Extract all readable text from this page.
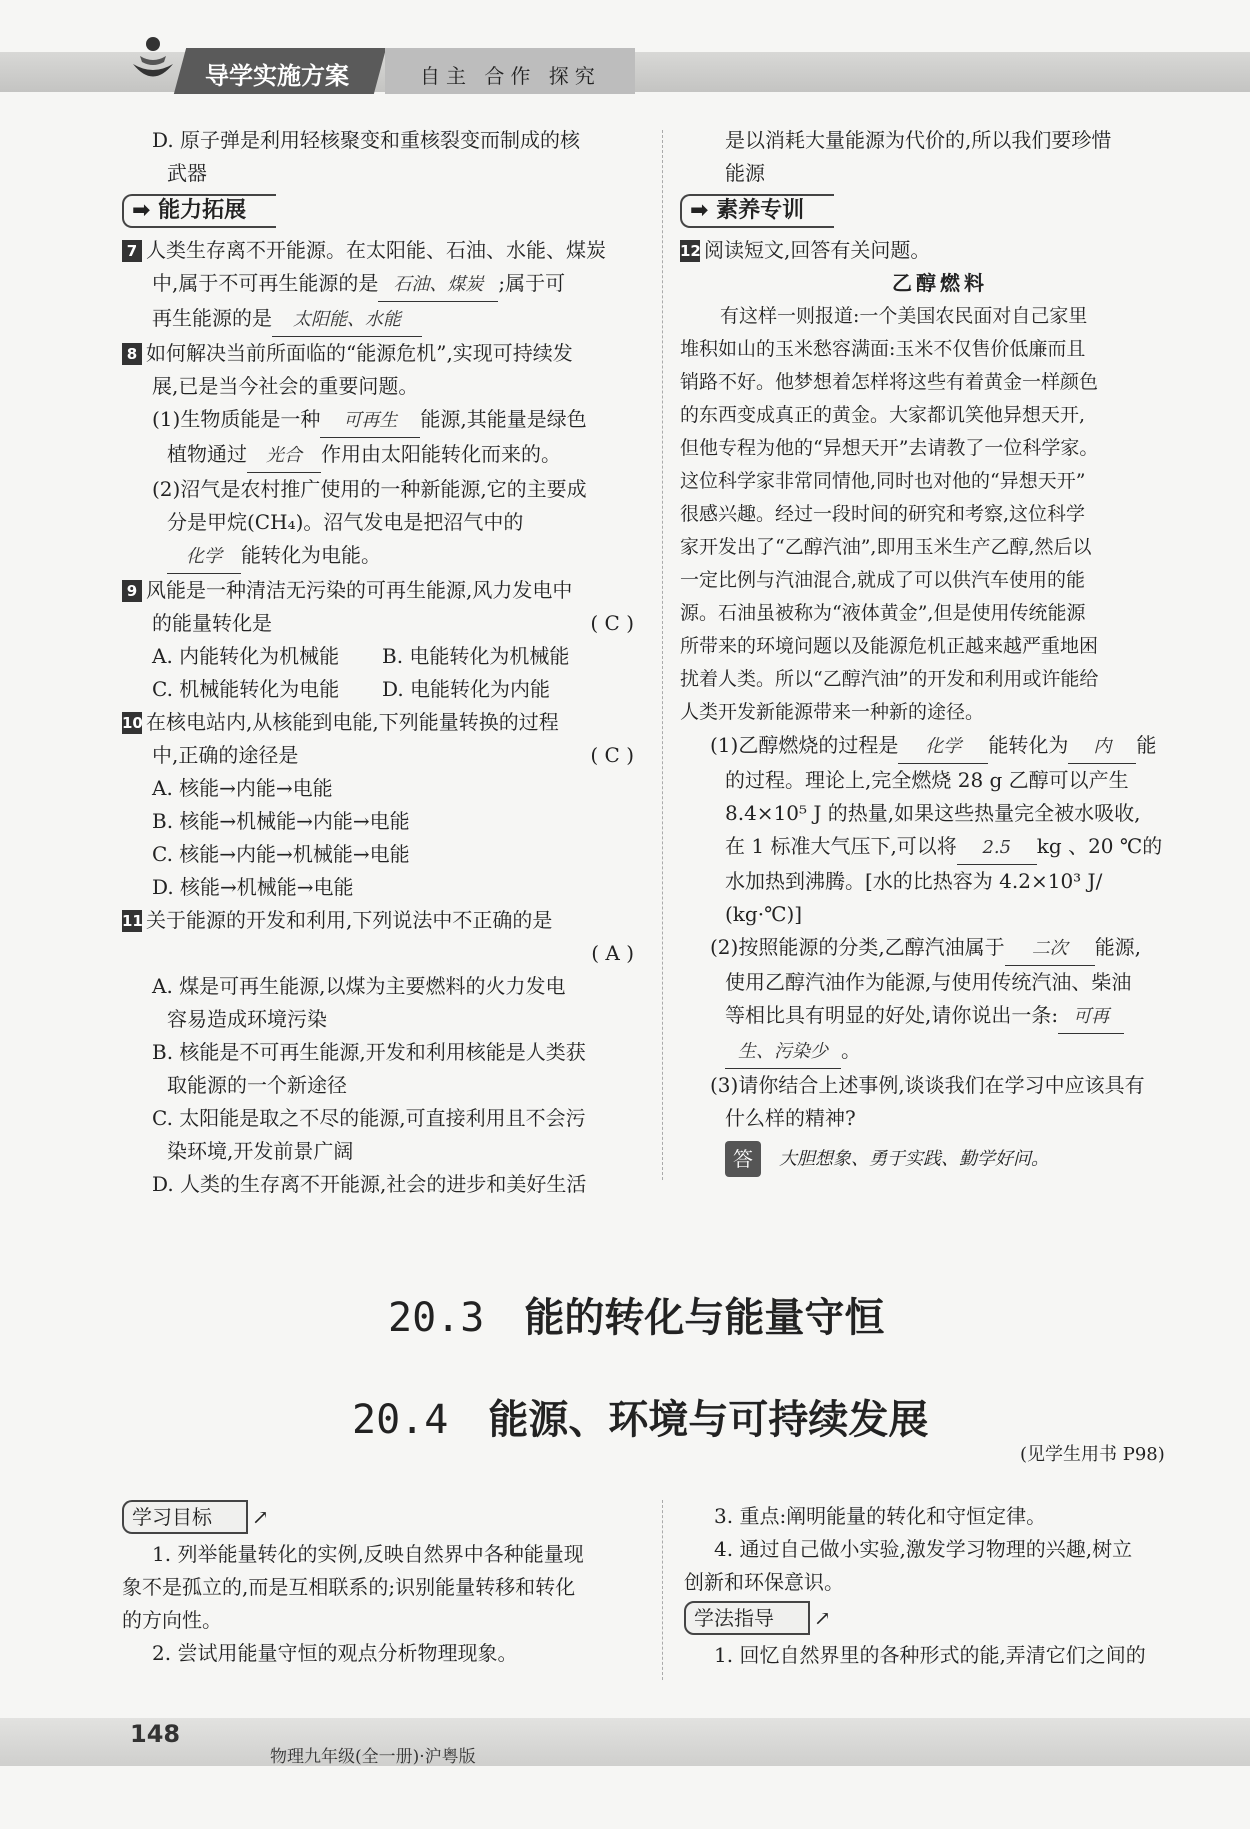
导学实施方案	自主 合作 探究
D. 原子弹是利用轻核聚变和重核裂变而制成的核
武器
➡ 能力拓展
7 人类生存离不开能源。在太阳能、石油、水能、煤炭
中,属于不可再生能源的是 石油、煤炭 ;属于可
再生能源的是 太阳能、水能
8 如何解决当前所面临的“能源危机”,实现可持续发
展,已是当今社会的重要问题。
(1)生物质能是一种 可再生 能源,其能量是绿色
植物通过 光合 作用由太阳能转化而来的。
(2)沼气是农村推广使用的一种新能源,它的主要成
分是甲烷(CH₄)。沼气发电是把沼气中的
化学 能转化为电能。
9 风能是一种清洁无污染的可再生能源,风力发电中
的能量转化是	( C )
A. 内能转化为机械能 B. 电能转化为机械能
C. 机械能转化为电能 D. 电能转化为内能
10 在核电站内,从核能到电能,下列能量转换的过程
中,正确的途径是	( C )
A. 核能→内能→电能
B. 核能→机械能→内能→电能
C. 核能→内能→机械能→电能
D. 核能→机械能→电能
11 关于能源的开发和利用,下列说法中不正确的是

( A )
A. 煤是可再生能源,以煤为主要燃料的火力发电
容易造成环境污染
B. 核能是不可再生能源,开发和利用核能是人类获
取能源的一个新途径
C. 太阳能是取之不尽的能源,可直接利用且不会污
染环境,开发前景广阔
D. 人类的生存离不开能源,社会的进步和美好生活
是以消耗大量能源为代价的,所以我们要珍惜
能源
➡ 素养专训
12 阅读短文,回答有关问题。
乙醇燃料
有这样一则报道:一个美国农民面对自己家里
堆积如山的玉米愁容满面:玉米不仅售价低廉而且
销路不好。他梦想着怎样将这些有着黄金一样颜色
的东西变成真正的黄金。大家都讥笑他异想天开,
但他专程为他的“异想天开”去请教了一位科学家。
这位科学家非常同情他,同时也对他的“异想天开”
很感兴趣。经过一段时间的研究和考察,这位科学
家开发出了“乙醇汽油”,即用玉米生产乙醇,然后以
一定比例与汽油混合,就成了可以供汽车使用的能
源。石油虽被称为“液体黄金”,但是使用传统能源
所带来的环境问题以及能源危机正越来越严重地困
扰着人类。所以“乙醇汽油”的开发和利用或许能给
人类开发新能源带来一种新的途径。
(1)乙醇燃烧的过程是 化学 能转化为 内 能
的过程。理论上,完全燃烧 28 g 乙醇可以产生
8.4×10⁵ J 的热量,如果这些热量完全被水吸收,
在 1 标准大气压下,可以将 2.5 kg 、20 ℃的
水加热到沸腾。[水的比热容为 4.2×10³ J/
(kg·℃)]
(2)按照能源的分类,乙醇汽油属于 二次 能源,
使用乙醇汽油作为能源,与使用传统汽油、柴油
等相比具有明显的好处,请你说出一条: 可再
生、污染少 。
(3)请你结合上述事例,谈谈我们在学习中应该具有
什么样的精神?
答 大胆想象、勇于实践、勤学好问。
20.3 能的转化与能量守恒
20.4 能源、环境与可持续发展
(见学生用书 P98)
学习目标 ↗
1. 列举能量转化的实例,反映自然界中各种能量现
象不是孤立的,而是互相联系的;识别能量转移和转化
的方向性。
2. 尝试用能量守恒的观点分析物理现象。
3. 重点:阐明能量的转化和守恒定律。
4. 通过自己做小实验,激发学习物理的兴趣,树立
创新和环保意识。
学法指导 ↗
1. 回忆自然界里的各种形式的能,弄清它们之间的
148
物理九年级(全一册)·沪粤版
